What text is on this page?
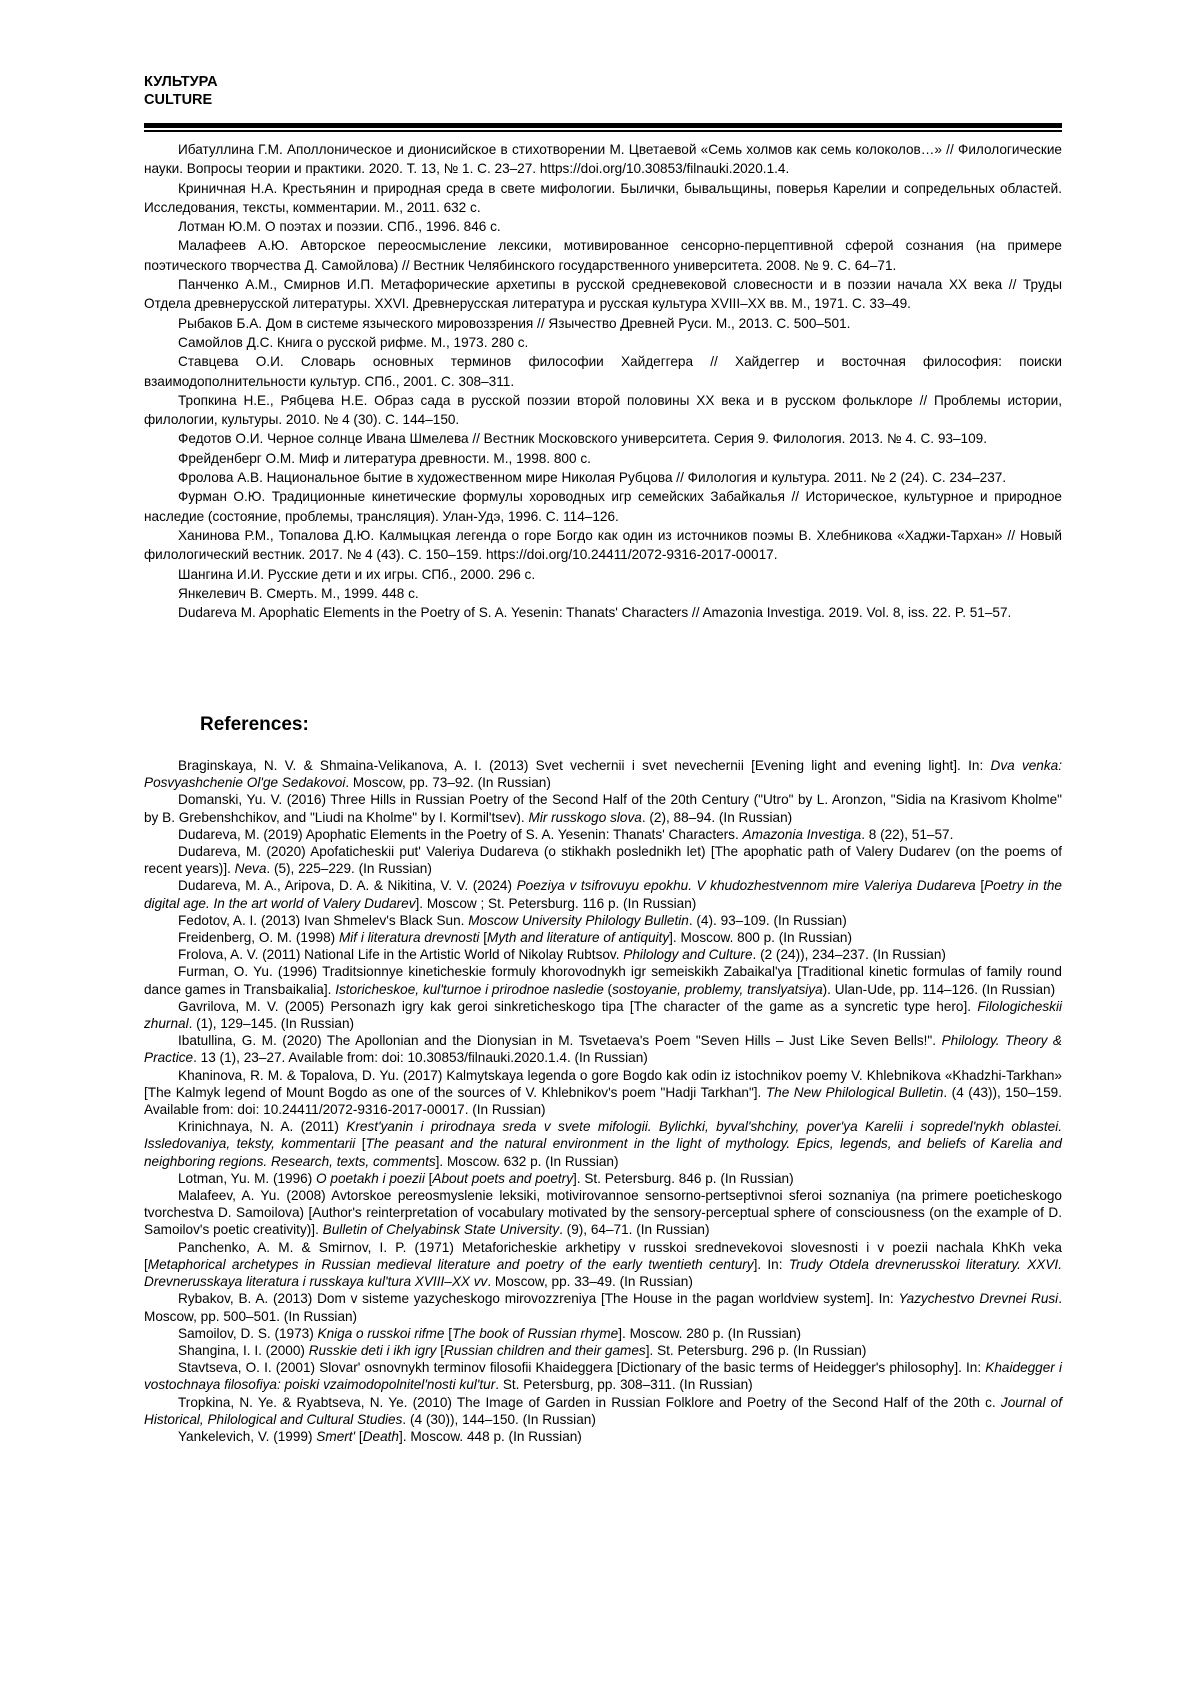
КУЛЬТУРА
CULTURE

Ибатуллина Г.М. Аполлоническое и дионисийское в стихотворении М. Цветаевой «Семь холмов как семь колоколов…» // Филологические науки. Вопросы теории и практики. 2020. Т. 13, № 1. С. 23–27. https://doi.org/10.30853/filnauki.2020.1.4.

Криничная Н.А. Крестьянин и природная среда в свете мифологии. Былички, бывальщины, поверья Карелии и сопредельных областей. Исследования, тексты, комментарии. М., 2011. 632 с.

Лотман Ю.М. О поэтах и поэзии. СПб., 1996. 846 с.

Малафеев А.Ю. Авторское переосмысление лексики, мотивированное сенсорно-перцептивной сферой сознания (на примере поэтического творчества Д. Самойлова) // Вестник Челябинского государственного университета. 2008. № 9. С. 64–71.

Панченко А.М., Смирнов И.П. Метафорические архетипы в русской средневековой словесности и в поэзии начала XX века // Труды Отдела древнерусской литературы. XXVI. Древнерусская литература и русская культура XVIII–XX вв. М., 1971. С. 33–49.

Рыбаков Б.А. Дом в системе языческого мировоззрения // Язычество Древней Руси. М., 2013. С. 500–501.

Самойлов Д.С. Книга о русской рифме. М., 1973. 280 с.

Ставцева О.И. Словарь основных терминов философии Хайдеггера // Хайдеггер и восточная философия: поиски взаимодополнительности культур. СПб., 2001. С. 308–311.

Тропкина Н.Е., Рябцева Н.Е. Образ сада в русской поэзии второй половины XX века и в русском фольклоре // Проблемы истории, филологии, культуры. 2010. № 4 (30). С. 144–150.

Федотов О.И. Черное солнце Ивана Шмелева // Вестник Московского университета. Серия 9. Филология. 2013. № 4. С. 93–109.

Фрейденберг О.М. Миф и литература древности. М., 1998. 800 с.

Фролова А.В. Национальное бытие в художественном мире Николая Рубцова // Филология и культура. 2011. № 2 (24). С. 234–237.

Фурман О.Ю. Традиционные кинетические формулы хороводных игр семейских Забайкалья // Историческое, культурное и природное наследие (состояние, проблемы, трансляция). Улан-Удэ, 1996. С. 114–126.

Ханинова Р.М., Топалова Д.Ю. Калмыцкая легенда о горе Богдо как один из источников поэмы В. Хлебникова «Хаджи-Тархан» // Новый филологический вестник. 2017. № 4 (43). С. 150–159. https://doi.org/10.24411/2072-9316-2017-00017.

Шангина И.И. Русские дети и их игры. СПб., 2000. 296 с.

Янкелевич В. Смерть. М., 1999. 448 с.

Dudareva M. Apophatic Elements in the Poetry of S. A. Yesenin: Thanats' Characters // Amazonia Investiga. 2019. Vol. 8, iss. 22. P. 51–57.

References:

Braginskaya, N. V. & Shmaina-Velikanova, A. I. (2013) Svet vechernii i svet nevechernii [Evening light and evening light]. In: Dva venka: Posvyashchenie Ol'ge Sedakovoi. Moscow, pp. 73–92. (In Russian)

Domanski, Yu. V. (2016) Three Hills in Russian Poetry of the Second Half of the 20th Century ("Utro" by L. Aronzon, "Sidia na Krasivom Kholme" by B. Grebenshchikov, and "Liudi na Kholme" by I. Kormil'tsev). Mir russkogo slova. (2), 88–94. (In Russian)

Dudareva, M. (2019) Apophatic Elements in the Poetry of S. A. Yesenin: Thanats' Characters. Amazonia Investiga. 8 (22), 51–57.

Dudareva, M. (2020) Apofaticheskii put' Valeriya Dudareva (o stikhakh poslednikh let) [The apophatic path of Valery Dudarev (on the poems of recent years)]. Neva. (5), 225–229. (In Russian)

Dudareva, M. A., Aripova, D. A. & Nikitina, V. V. (2024) Poeziya v tsifrovuyu epokhu. V khudozhestvennom mire Valeriya Dudareva [Poetry in the digital age. In the art world of Valery Dudarev]. Moscow ; St. Petersburg. 116 p. (In Russian)

Fedotov, A. I. (2013) Ivan Shmelev's Black Sun. Moscow University Philology Bulletin. (4). 93–109. (In Russian)

Freidenberg, O. M. (1998) Mif i literatura drevnosti [Myth and literature of antiquity]. Moscow. 800 p. (In Russian)

Frolova, A. V. (2011) National Life in the Artistic World of Nikolay Rubtsov. Philology and Culture. (2 (24)), 234–237. (In Russian)

Furman, O. Yu. (1996) Traditsionnye kineticheskie formuly khorovodnykh igr semeiskikh Zabaikal'ya [Traditional kinetic formulas of family round dance games in Transbaikalia]. Istoricheskoe, kul'turnoe i prirodnoe nasledie (sostoyanie, problemy, translyatsiya). Ulan-Ude, pp. 114–126. (In Russian)

Gavrilova, M. V. (2005) Personazh igry kak geroi sinkreticheskogo tipa [The character of the game as a syncretic type hero]. Filologicheskii zhurnal. (1), 129–145. (In Russian)

Ibatullina, G. M. (2020) The Apollonian and the Dionysian in M. Tsvetaeva's Poem "Seven Hills – Just Like Seven Bells!". Philology. Theory & Practice. 13 (1), 23–27. Available from: doi: 10.30853/filnauki.2020.1.4. (In Russian)

Khaninova, R. M. & Topalova, D. Yu. (2017) Kalmytskaya legenda o gore Bogdo kak odin iz istochnikov poemy V. Khlebnikova «Khadzhi-Tarkhan» [The Kalmyk legend of Mount Bogdo as one of the sources of V. Khlebnikov's poem "Hadji Tarkhan"]. The New Philological Bulletin. (4 (43)), 150–159. Available from: doi: 10.24411/2072-9316-2017-00017. (In Russian)

Krinichnaya, N. A. (2011) Krest'yanin i prirodnaya sreda v svete mifologii. Bylichki, byval'shchiny, pover'ya Karelii i sopredel'nykh oblastei. Issledovaniya, teksty, kommentarii [The peasant and the natural environment in the light of mythology. Epics, legends, and beliefs of Karelia and neighboring regions. Research, texts, comments]. Moscow. 632 p. (In Russian)

Lotman, Yu. M. (1996) O poetakh i poezii [About poets and poetry]. St. Petersburg. 846 p. (In Russian)

Malafeev, A. Yu. (2008) Avtorskoe pereosmyslenie leksiki, motivirovannoe sensorno-pertseptivnoi sferoi soznaniya (na primere poeticheskogo tvorchestva D. Samoilova) [Author's reinterpretation of vocabulary motivated by the sensory-perceptual sphere of consciousness (on the example of D. Samoilov's poetic creativity)]. Bulletin of Chelyabinsk State University. (9), 64–71. (In Russian)

Panchenko, A. M. & Smirnov, I. P. (1971) Metaforicheskie arkhetipy v russkoi srednevekovoi slovesnosti i v poezii nachala KhKh veka [Metaphorical archetypes in Russian medieval literature and poetry of the early twentieth century]. In: Trudy Otdela drevnerusskoi literatury. XXVI. Drevnerusskaya literatura i russkaya kul'tura XVIII–XX vv. Moscow, pp. 33–49. (In Russian)

Rybakov, B. A. (2013) Dom v sisteme yazycheskogo mirovozzreniya [The House in the pagan worldview system]. In: Yazychestvo Drevnei Rusi. Moscow, pp. 500–501. (In Russian)

Samoilov, D. S. (1973) Kniga o russkoi rifme [The book of Russian rhyme]. Moscow. 280 p. (In Russian)

Shangina, I. I. (2000) Russkie deti i ikh igry [Russian children and their games]. St. Petersburg. 296 p. (In Russian)

Stavtseva, O. I. (2001) Slovar' osnovnykh terminov filosofii Khaideggera [Dictionary of the basic terms of Heidegger's philosophy]. In: Khaidegger i vostochnaya filosofiya: poiski vzaimodopolnitel'nosti kul'tur. St. Petersburg, pp. 308–311. (In Russian)

Tropkina, N. Ye. & Ryabtseva, N. Ye. (2010) The Image of Garden in Russian Folklore and Poetry of the Second Half of the 20th c. Journal of Historical, Philological and Cultural Studies. (4 (30)), 144–150. (In Russian)

Yankelevich, V. (1999) Smert' [Death]. Moscow. 448 p. (In Russian)
